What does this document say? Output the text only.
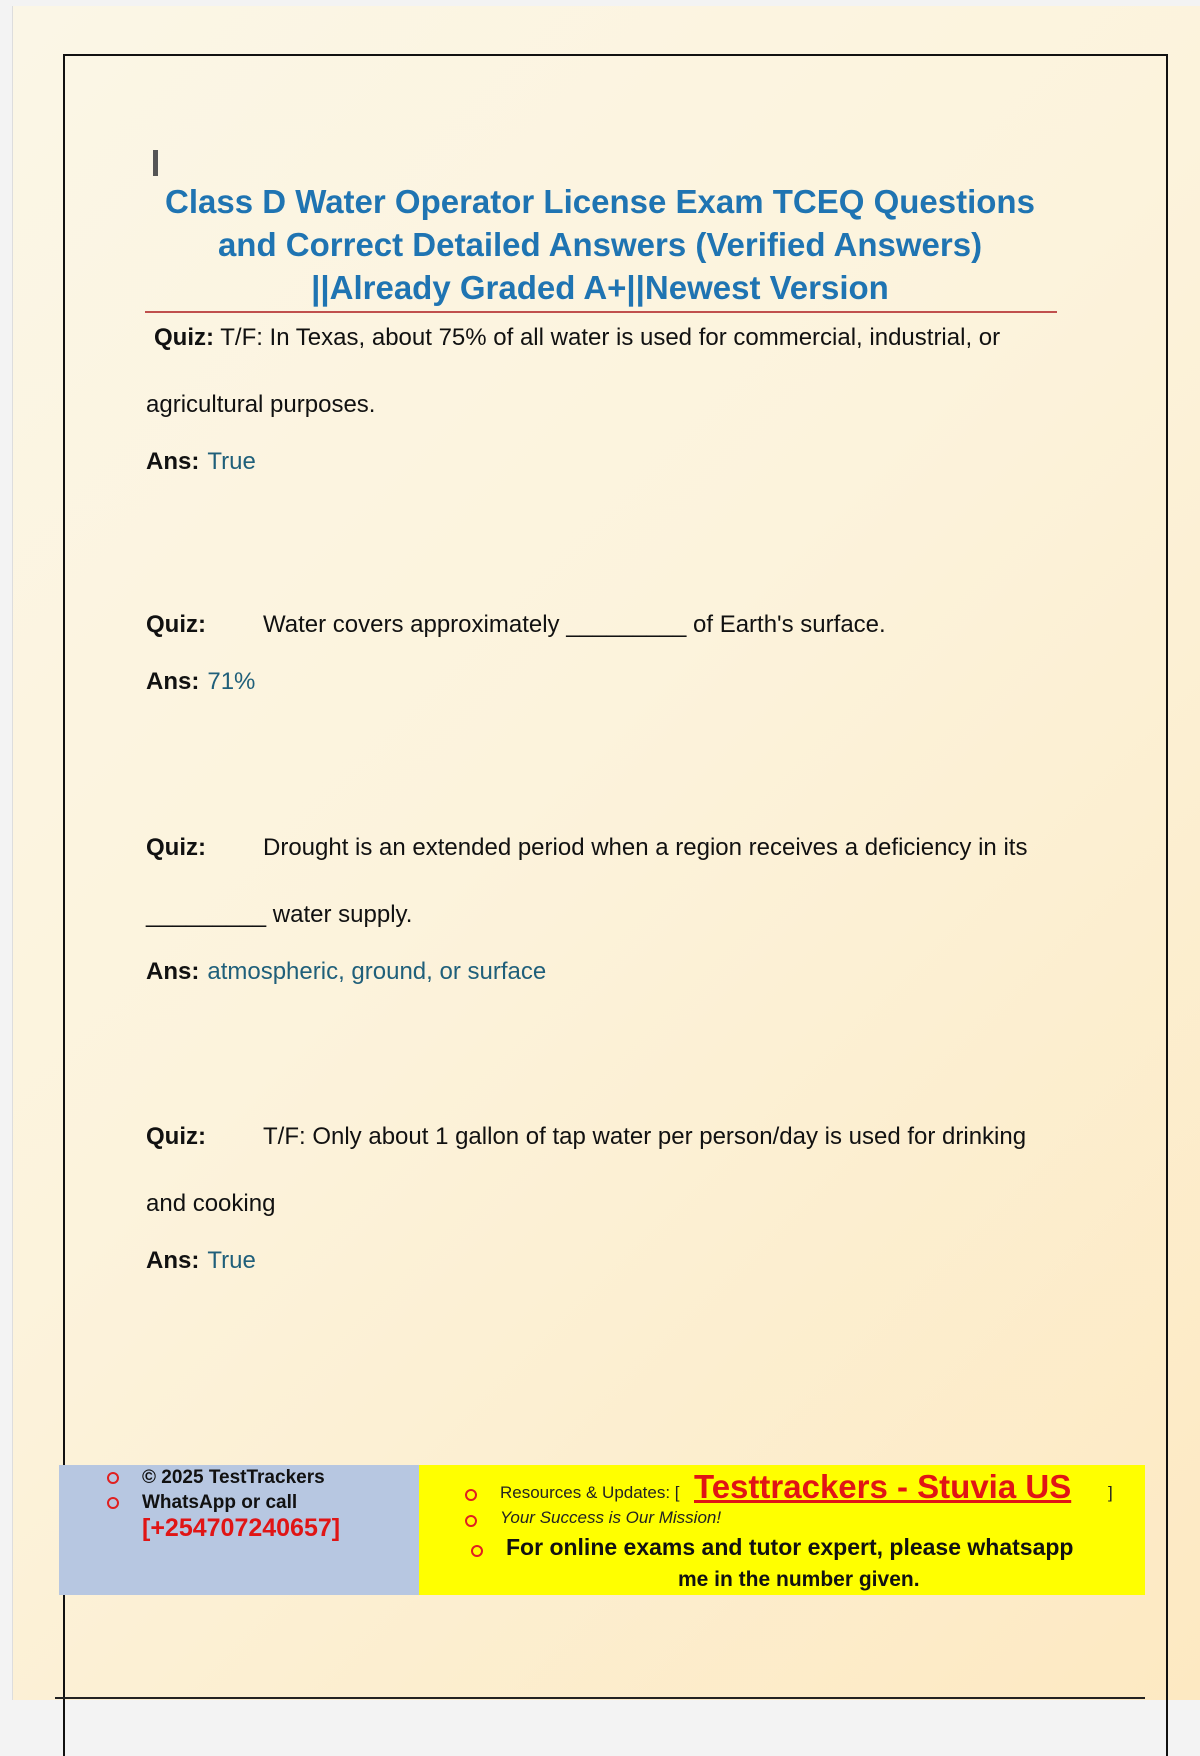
Class D Water Operator License Exam TCEQ Questions and Correct Detailed Answers (Verified Answers) ||Already Graded A+||Newest Version

Quiz: T/F: In Texas, about 75% of all water is used for commercial, industrial, or agricultural purposes.

Ans: True

Quiz: Water covers approximately _________ of Earth's surface.

Ans: 71%

Quiz: Drought is an extended period when a region receives a deficiency in its _________ water supply.

Ans: atmospheric, ground, or surface

Quiz: T/F: Only about 1 gallon of tap water per person/day is used for drinking and cooking

Ans: True

© 2025 TestTrackers
WhatsApp or call
[+254707240657]
Resources & Updates: [ Testtrackers - Stuvia US ]
Your Success is Our Mission!
For online exams and tutor expert, please whatsapp
me in the number given.
